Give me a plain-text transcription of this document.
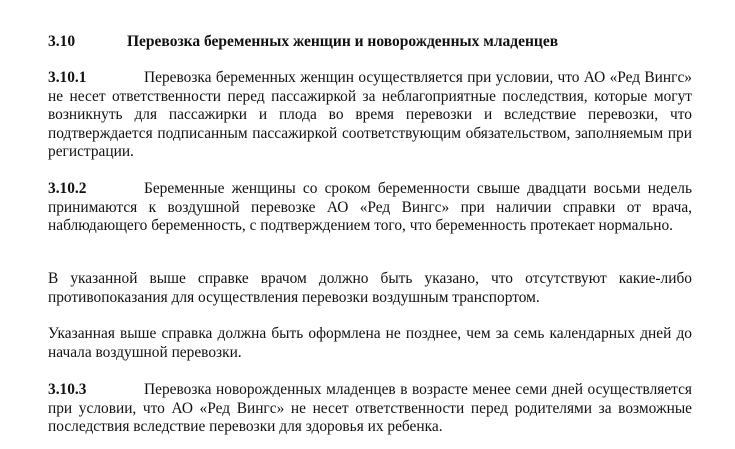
3.10	Перевозка беременных женщин и новорожденных младенцев

3.10.1	Перевозка беременных женщин осуществляется при условии, что АО «Ред Вингс» не несет ответственности перед пассажиркой за неблагоприятные последствия, которые могут возникнуть для пассажирки и плода во время перевозки и вследствие перевозки, что подтверждается подписанным пассажиркой соответствующим обязательством, заполняемым при регистрации.

3.10.2	Беременные женщины со сроком беременности свыше двадцати восьми недель принимаются к воздушной перевозке АО «Ред Вингс» при наличии справки от врача, наблюдающего беременность, с подтверждением того, что беременность протекает нормально.

В указанной выше справке врачом должно быть указано, что отсутствуют какие-либо противопоказания для осуществления перевозки воздушным транспортом.

Указанная выше справка должна быть оформлена не позднее, чем за семь календарных дней до начала воздушной перевозки.

3.10.3	Перевозка новорожденных младенцев в возрасте менее семи дней осуществляется при условии, что АО «Ред Вингс» не несет ответственности перед родителями за возможные последствия вследствие перевозки для здоровья их ребенка.
